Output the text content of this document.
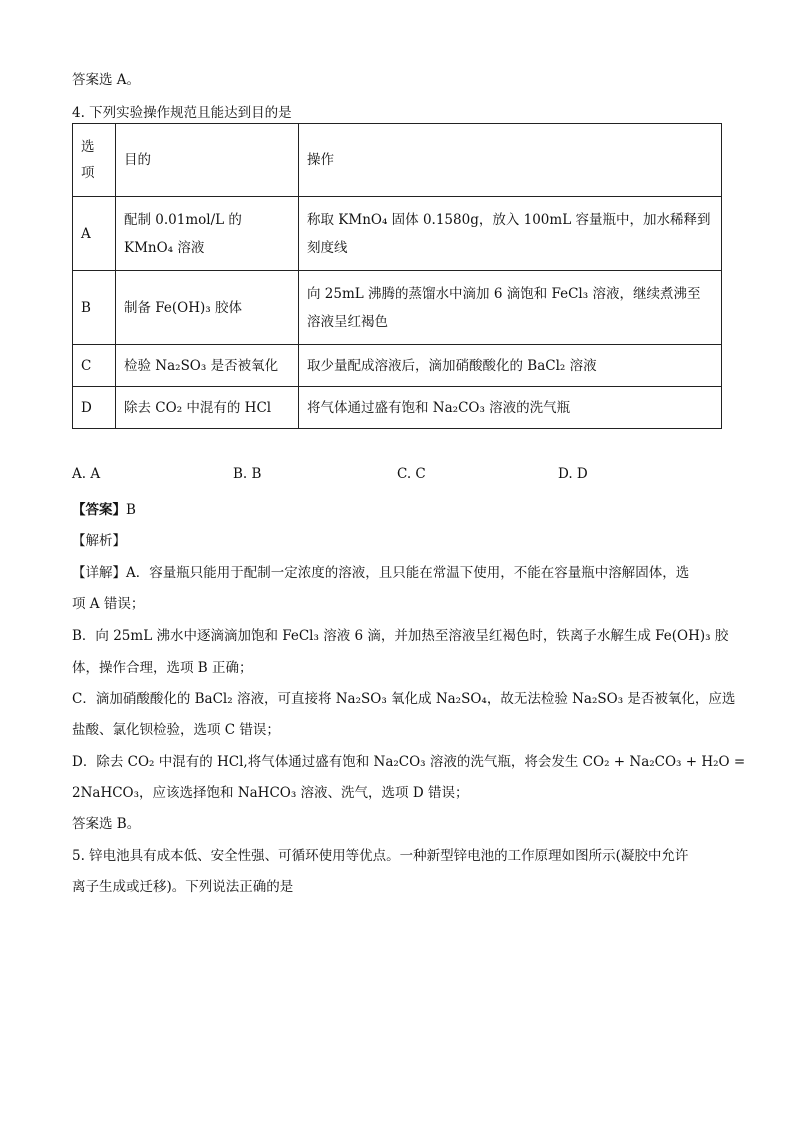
答案选 A。
4. 下列实验操作规范且能达到目的是
选项	目的	操作
A	配制 0.01mol/L 的 KMnO₄ 溶液	称取 KMnO₄ 固体 0.1580g，放入 100mL 容量瓶中，加水稀释到刻度线
B	制备 Fe(OH)₃ 胶体	向 25mL 沸腾的蒸馏水中滴加 6 滴饱和 FeCl₃ 溶液，继续煮沸至溶液呈红褐色
C	检验 Na₂SO₃ 是否被氧化	取少量配成溶液后，滴加硝酸酸化的 BaCl₂ 溶液
D	除去 CO₂ 中混有的 HCl	将气体通过盛有饱和 Na₂CO₃ 溶液的洗气瓶
A. A	B. B	C. C	D. D
【答案】B
【解析】
【详解】A．容量瓶只能用于配制一定浓度的溶液，且只能在常温下使用，不能在容量瓶中溶解固体，选
项 A 错误；
B．向 25mL 沸水中逐滴滴加饱和 FeCl₃ 溶液 6 滴，并加热至溶液呈红褐色时，铁离子水解生成 Fe(OH)₃ 胶
体，操作合理，选项 B 正确；
C．滴加硝酸酸化的 BaCl₂ 溶液，可直接将 Na₂SO₃ 氧化成 Na₂SO₄，故无法检验 Na₂SO₃ 是否被氧化，应选
盐酸、氯化钡检验，选项 C 错误；
D．除去 CO₂ 中混有的 HCl,将气体通过盛有饱和 Na₂CO₃ 溶液的洗气瓶，将会发生 CO₂ + Na₂CO₃ + H₂O =
2NaHCO₃，应该选择饱和 NaHCO₃ 溶液、洗气，选项 D 错误；
答案选 B。
5. 锌电池具有成本低、安全性强、可循环使用等优点。一种新型锌电池的工作原理如图所示(凝胶中允许
离子生成或迁移)。下列说法正确的是
